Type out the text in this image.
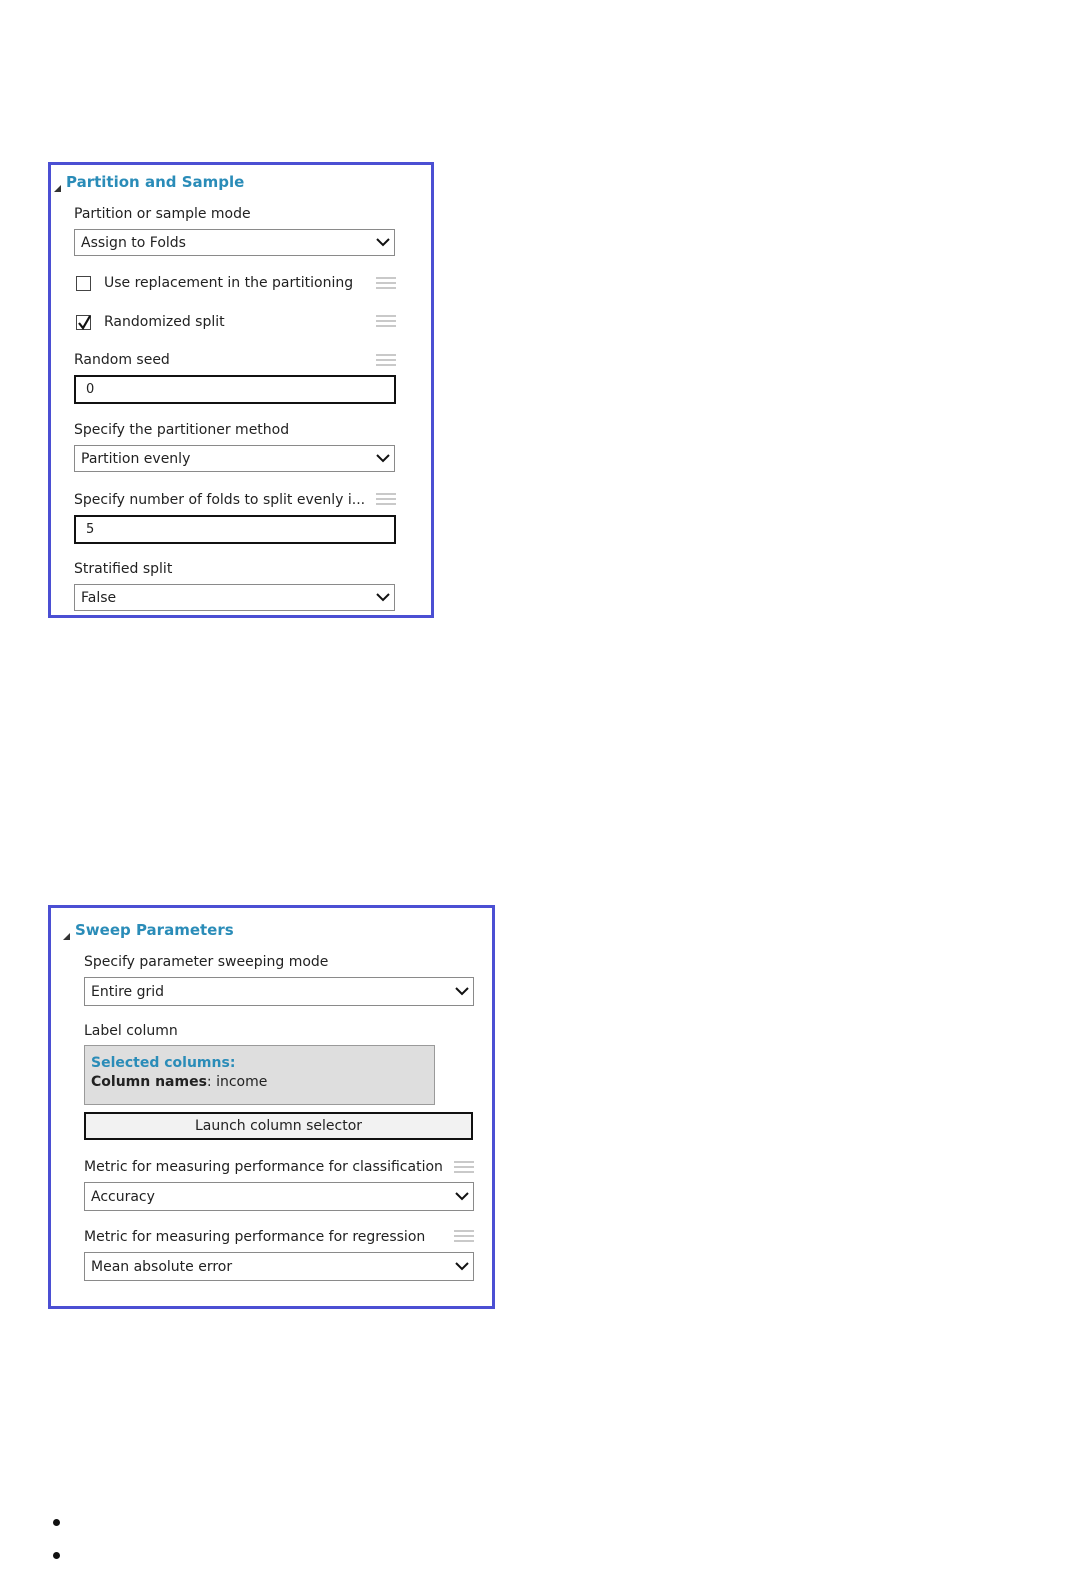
Partition and Sample
Partition or sample mode
Assign to Folds
Use replacement in the partitioning
Randomized split
Random seed
0
Specify the partitioner method
Partition evenly
Specify number of folds to split evenly i...
5
Stratified split
False
Sweep Parameters
Specify parameter sweeping mode
Entire grid
Label column
Selected columns:
Column names: income
Launch column selector
Metric for measuring performance for classification
Accuracy
Metric for measuring performance for regression
Mean absolute error
